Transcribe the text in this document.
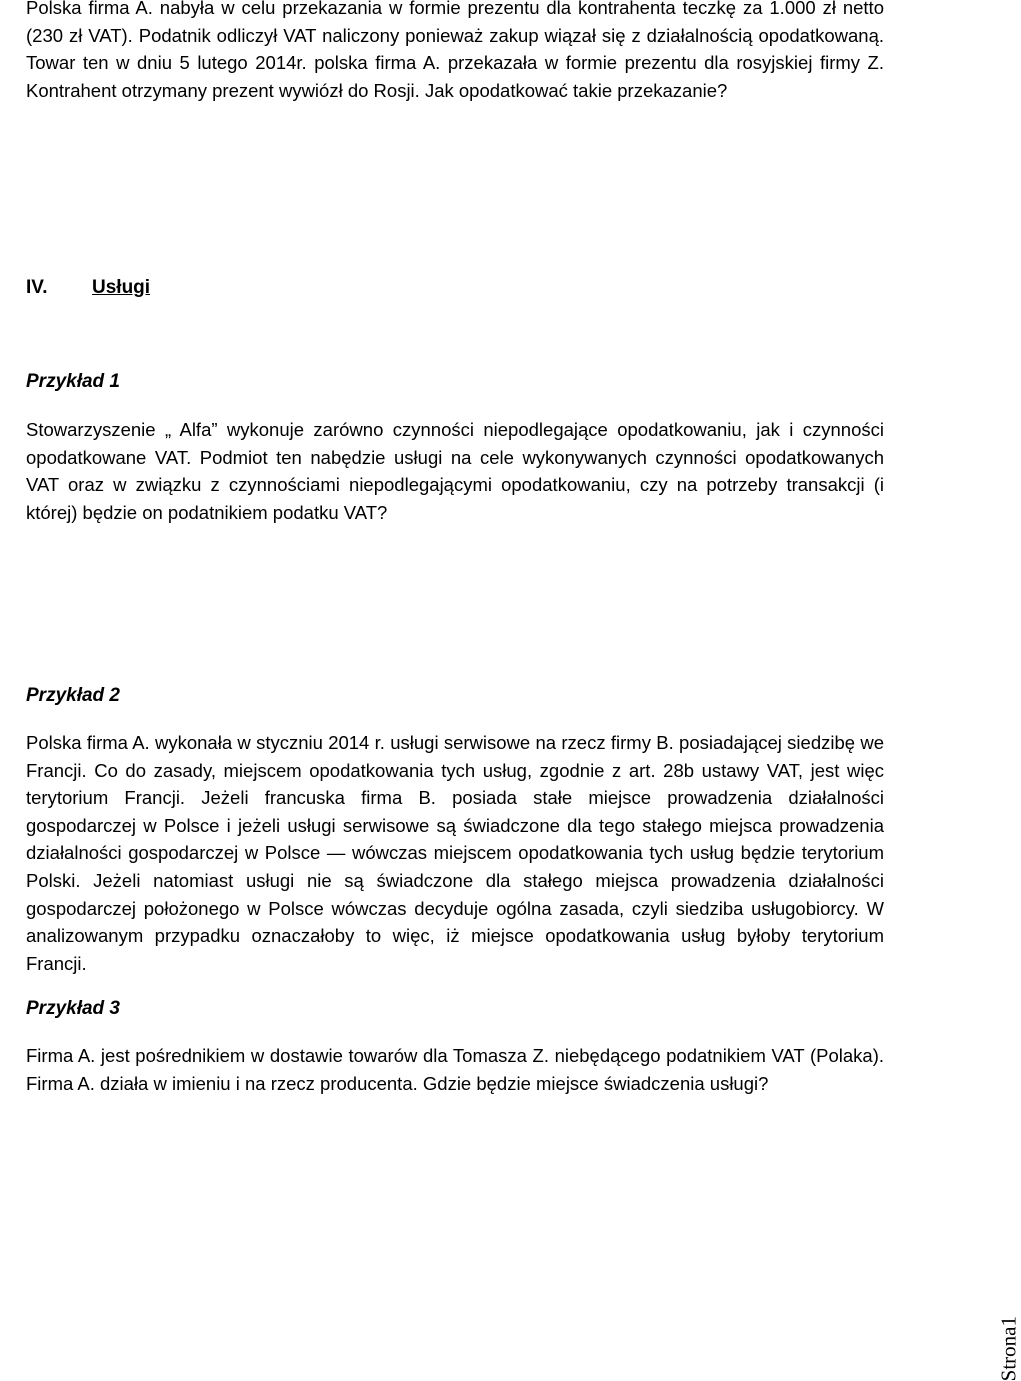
Polska firma A. nabyła w celu przekazania w formie prezentu dla kontrahenta teczkę za 1.000 zł netto (230 zł VAT). Podatnik odliczył VAT naliczony ponieważ zakup wiązał się z działalnością opodatkowaną. Towar ten w dniu 5 lutego 2014r. polska firma A. przekazała w formie prezentu dla rosyjskiej firmy Z. Kontrahent otrzymany prezent wywiózł do Rosji. Jak opodatkować takie przekazanie?

IV. Usługi
Przykład 1

Stowarzyszenie „ Alfa” wykonuje zarówno czynności niepodlegające opodatkowaniu, jak i czynności opodatkowane VAT. Podmiot ten nabędzie usługi na cele wykonywanych czynności opodatkowanych VAT oraz w związku z czynnościami niepodlegającymi opodatkowaniu, czy na potrzeby transakcji (i której) będzie on podatnikiem podatku VAT?

Przykład 2

Polska firma A. wykonała w styczniu 2014 r. usługi serwisowe na rzecz firmy B. posiadającej siedzibę we Francji. Co do zasady, miejscem opodatkowania tych usług, zgodnie z art. 28b ustawy VAT, jest więc terytorium Francji. Jeżeli francuska firma B. posiada stałe miejsce prowadzenia działalności gospodarczej w Polsce i jeżeli usługi serwisowe są świadczone dla tego stałego miejsca prowadzenia działalności gospodarczej w Polsce — wówczas miejscem opodatkowania tych usług będzie terytorium Polski. Jeżeli natomiast usługi nie są świadczone dla stałego miejsca prowadzenia działalności gospodarczej położonego w Polsce wówczas decyduje ogólna zasada, czyli siedziba usługobiorcy. W analizowanym przypadku oznaczałoby to więc, iż miejsce opodatkowania usług byłoby terytorium Francji.

Przykład 3

Firma A. jest pośrednikiem w dostawie towarów dla Tomasza Z. niebędącego podatnikiem VAT (Polaka). Firma A. działa w imieniu i na rzecz producenta. Gdzie będzie miejsce świadczenia usługi?

Strona1
